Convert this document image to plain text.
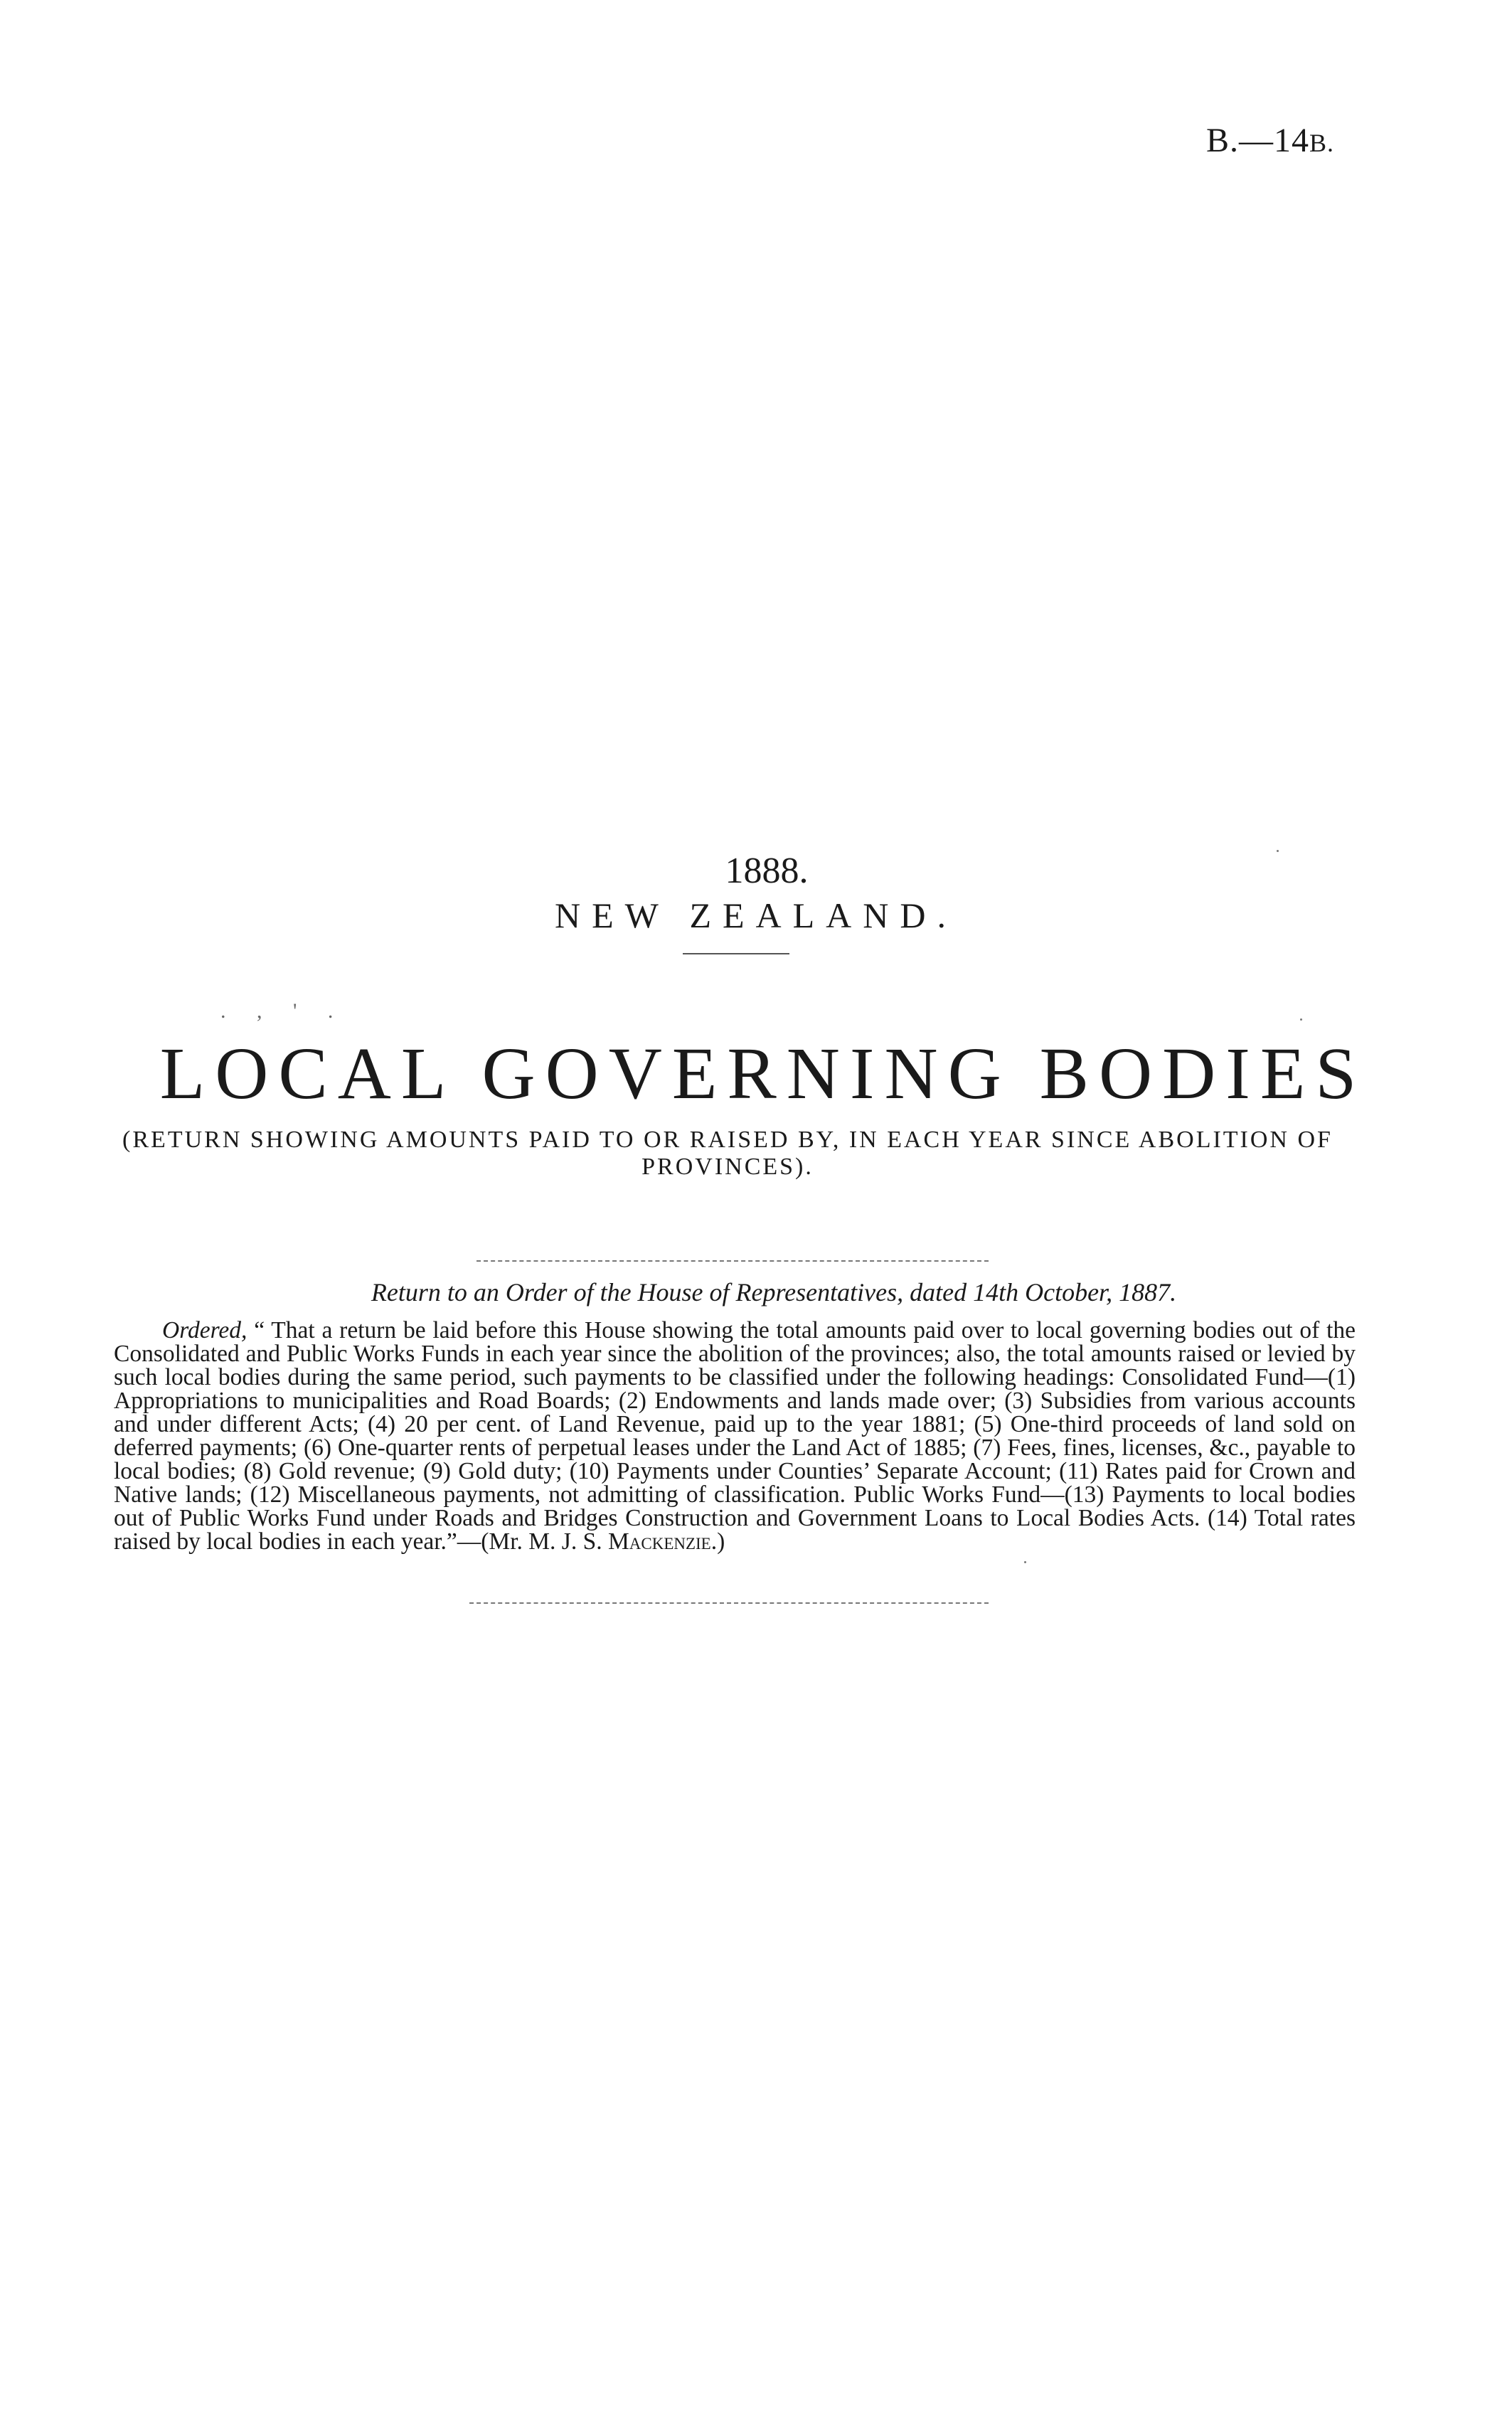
B.—14B.
1888.
NEW ZEALAND.
. , ' .
LOCAL GOVERNING BODIES
(RETURN SHOWING AMOUNTS PAID TO OR RAISED BY, IN EACH YEAR SINCE ABOLITION OF PROVINCES).
Return to an Order of the House of Representatives, dated 14th October, 1887.

Ordered, “ That a return be laid before this House showing the total amounts paid over to local governing bodies out of the Consolidated and Public Works Funds in each year since the abolition of the provinces; also, the total amounts raised or levied by such local bodies during the same period, such payments to be classified under the following headings: Consolidated Fund—(1) Appropriations to municipalities and Road Boards; (2) Endowments and lands made over; (3) Subsidies from various accounts and under different Acts; (4) 20 per cent. of Land Revenue, paid up to the year 1881; (5) One-third proceeds of land sold on deferred payments; (6) One-quarter rents of perpetual leases under the Land Act of 1885; (7) Fees, fines, licenses, &c., payable to local bodies; (8) Gold revenue; (9) Gold duty; (10) Payments under Counties’ Separate Account; (11) Rates paid for Crown and Native lands; (12) Miscellaneous payments, not admitting of classification. Public Works Fund—(13) Payments to local bodies out of Public Works Fund under Roads and Bridges Construction and Government Loans to Local Bodies Acts. (14) Total rates raised by local bodies in each year.”—(Mr. M. J. S. Mackenzie.)
